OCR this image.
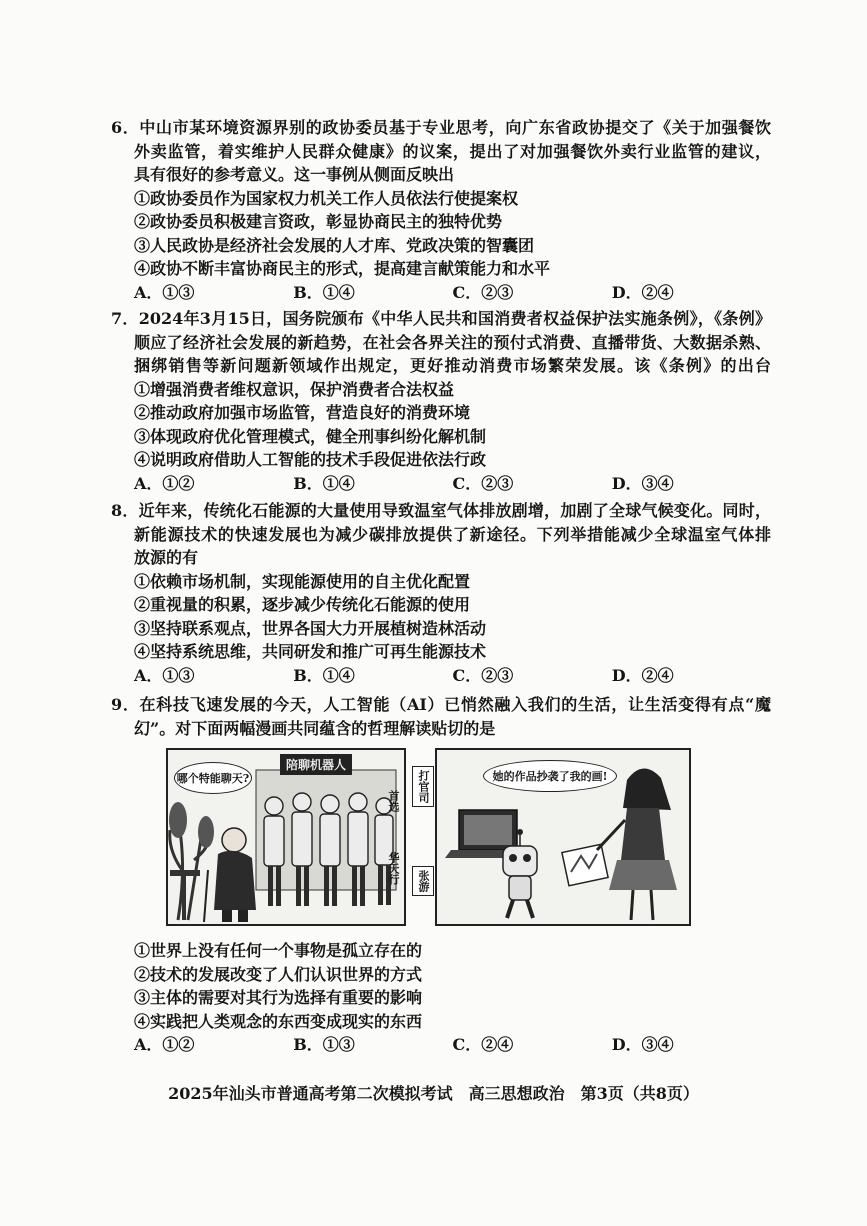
6．中山市某环境资源界别的政协委员基于专业思考，向广东省政协提交了《关于加强餐饮
外卖监管，着实维护人民群众健康》的议案，提出了对加强餐饮外卖行业监管的建议，
具有很好的参考意义。这一事例从侧面反映出
①政协委员作为国家权力机关工作人员依法行使提案权
②政协委员积极建言资政，彰显协商民主的独特优势
③人民政协是经济社会发展的人才库、党政决策的智囊团
④政协不断丰富协商民主的形式，提高建言献策能力和水平
A．①③	B．①④	C．②③	D．②④
7．2024年3月15日，国务院颁布《中华人民共和国消费者权益保护法实施条例》，《条例》
顺应了经济社会发展的新趋势，在社会各界关注的预付式消费、直播带货、大数据杀熟、
捆绑销售等新问题新领域作出规定，更好推动消费市场繁荣发展。该《条例》的出台
①增强消费者维权意识，保护消费者合法权益
②推动政府加强市场监管，营造良好的消费环境
③体现政府优化管理模式，健全刑事纠纷化解机制
④说明政府借助人工智能的技术手段促进依法行政
A．①②	B．①④	C．②③	D．③④
8．近年来，传统化石能源的大量使用导致温室气体排放剧增，加剧了全球气候变化。同时，
新能源技术的快速发展也为减少碳排放提供了新途径。下列举措能减少全球温室气体排
放源的有
①依赖市场机制，实现能源使用的自主优化配置
②重视量的积累，逐步减少传统化石能源的使用
③坚持联系观点，世界各国大力开展植树造林活动
④坚持系统思维，共同研发和推广可再生能源技术
A．①③	B．①④	C．②③	D．②④
9．在科技飞速发展的今天，人工智能（AI）已悄然融入我们的生活，让生活变得有点“魔
幻”。对下面两幅漫画共同蕴含的哲理解读贴切的是
哪个特能聊天?
陪聊机器人
首选
华天行
她的作品抄袭了我的画!
打官司
张游
①世界上没有任何一个事物是孤立存在的
②技术的发展改变了人们认识世界的方式
③主体的需要对其行为选择有重要的影响
④实践把人类观念的东西变成现实的东西
A．①②	B．①③	C．②④	D．③④
2025年汕头市普通高考第二次模拟考试　高三思想政治　第3页（共8页）
